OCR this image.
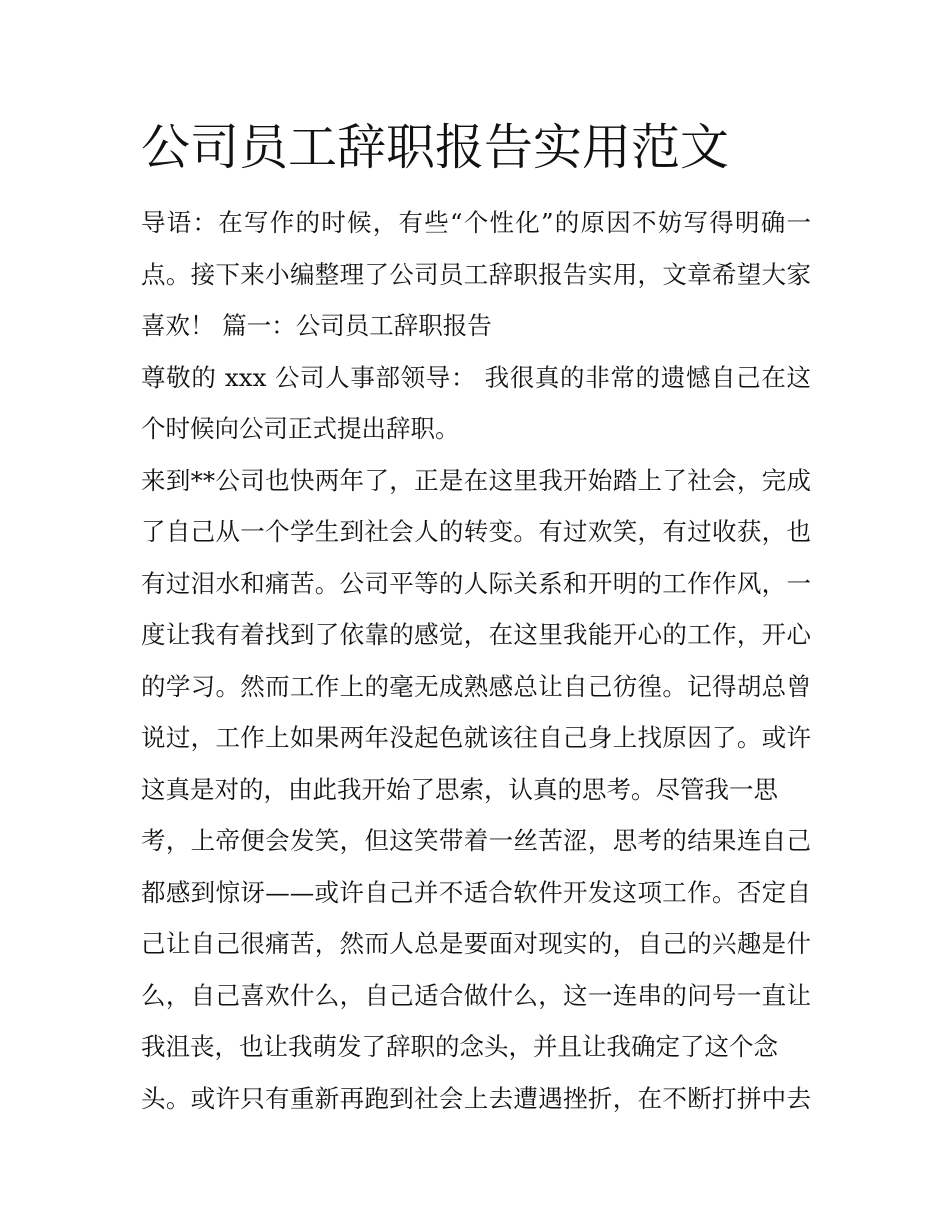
公司员工辞职报告实用范文
导语：在写作的时候，有些“个性化”的原因不妨写得明确一
点。接下来小编整理了公司员工辞职报告实用，文章希望大家
喜欢！ 篇一：公司员工辞职报告
尊敬的 xxx 公司人事部领导： 我很真的非常的遗憾自己在这
个时候向公司正式提出辞职。
来到**公司也快两年了，正是在这里我开始踏上了社会，完成
了自己从一个学生到社会人的转变。有过欢笑，有过收获，也
有过泪水和痛苦。公司平等的人际关系和开明的工作作风，一
度让我有着找到了依靠的感觉，在这里我能开心的工作，开心
的学习。然而工作上的毫无成熟感总让自己彷徨。记得胡总曾
说过，工作上如果两年没起色就该往自己身上找原因了。或许
这真是对的，由此我开始了思索，认真的思考。尽管我一思
考，上帝便会发笑，但这笑带着一丝苦涩，思考的结果连自己
都感到惊讶——或许自己并不适合软件开发这项工作。否定自
己让自己很痛苦，然而人总是要面对现实的，自己的兴趣是什
么，自己喜欢什么，自己适合做什么，这一连串的问号一直让
我沮丧，也让我萌发了辞职的念头，并且让我确定了这个念
头。或许只有重新再跑到社会上去遭遇挫折，在不断打拼中去
